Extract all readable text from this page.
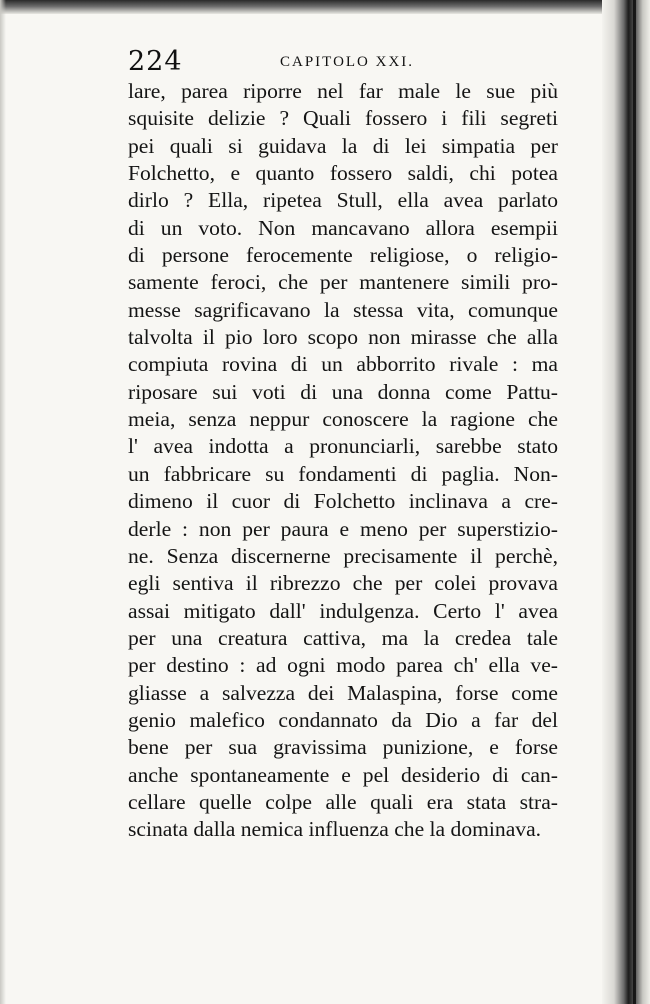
224	CAPITOLO XXI.
lare, parea riporre nel far male le sue più
squisite delizie ? Quali fossero i fili segreti
pei quali si guidava la di lei simpatia per
Folchetto, e quanto fossero saldi, chi potea
dirlo ? Ella, ripetea Stull, ella avea parlato
di un voto. Non mancavano allora esempii
di persone ferocemente religiose, o religio-
samente feroci, che per mantenere simili pro-
messe sagrificavano la stessa vita, comunque
talvolta il pio loro scopo non mirasse che alla
compiuta rovina di un abborrito rivale : ma
riposare sui voti di una donna come Pattu-
meia, senza neppur conoscere la ragione che
l' avea indotta a pronunciarli, sarebbe stato
un fabbricare su fondamenti di paglia. Non-
dimeno il cuor di Folchetto inclinava a cre-
derle : non per paura e meno per superstizio-
ne. Senza discernerne precisamente il perchè,
egli sentiva il ribrezzo che per colei provava
assai mitigato dall' indulgenza. Certo l' avea
per una creatura cattiva, ma la credea tale
per destino : ad ogni modo parea ch' ella ve-
gliasse a salvezza dei Malaspina, forse come
genio malefico condannato da Dio a far del
bene per sua gravissima punizione, e forse
anche spontaneamente e pel desiderio di can-
cellare quelle colpe alle quali era stata stra-
scinata dalla nemica influenza che la dominava.
